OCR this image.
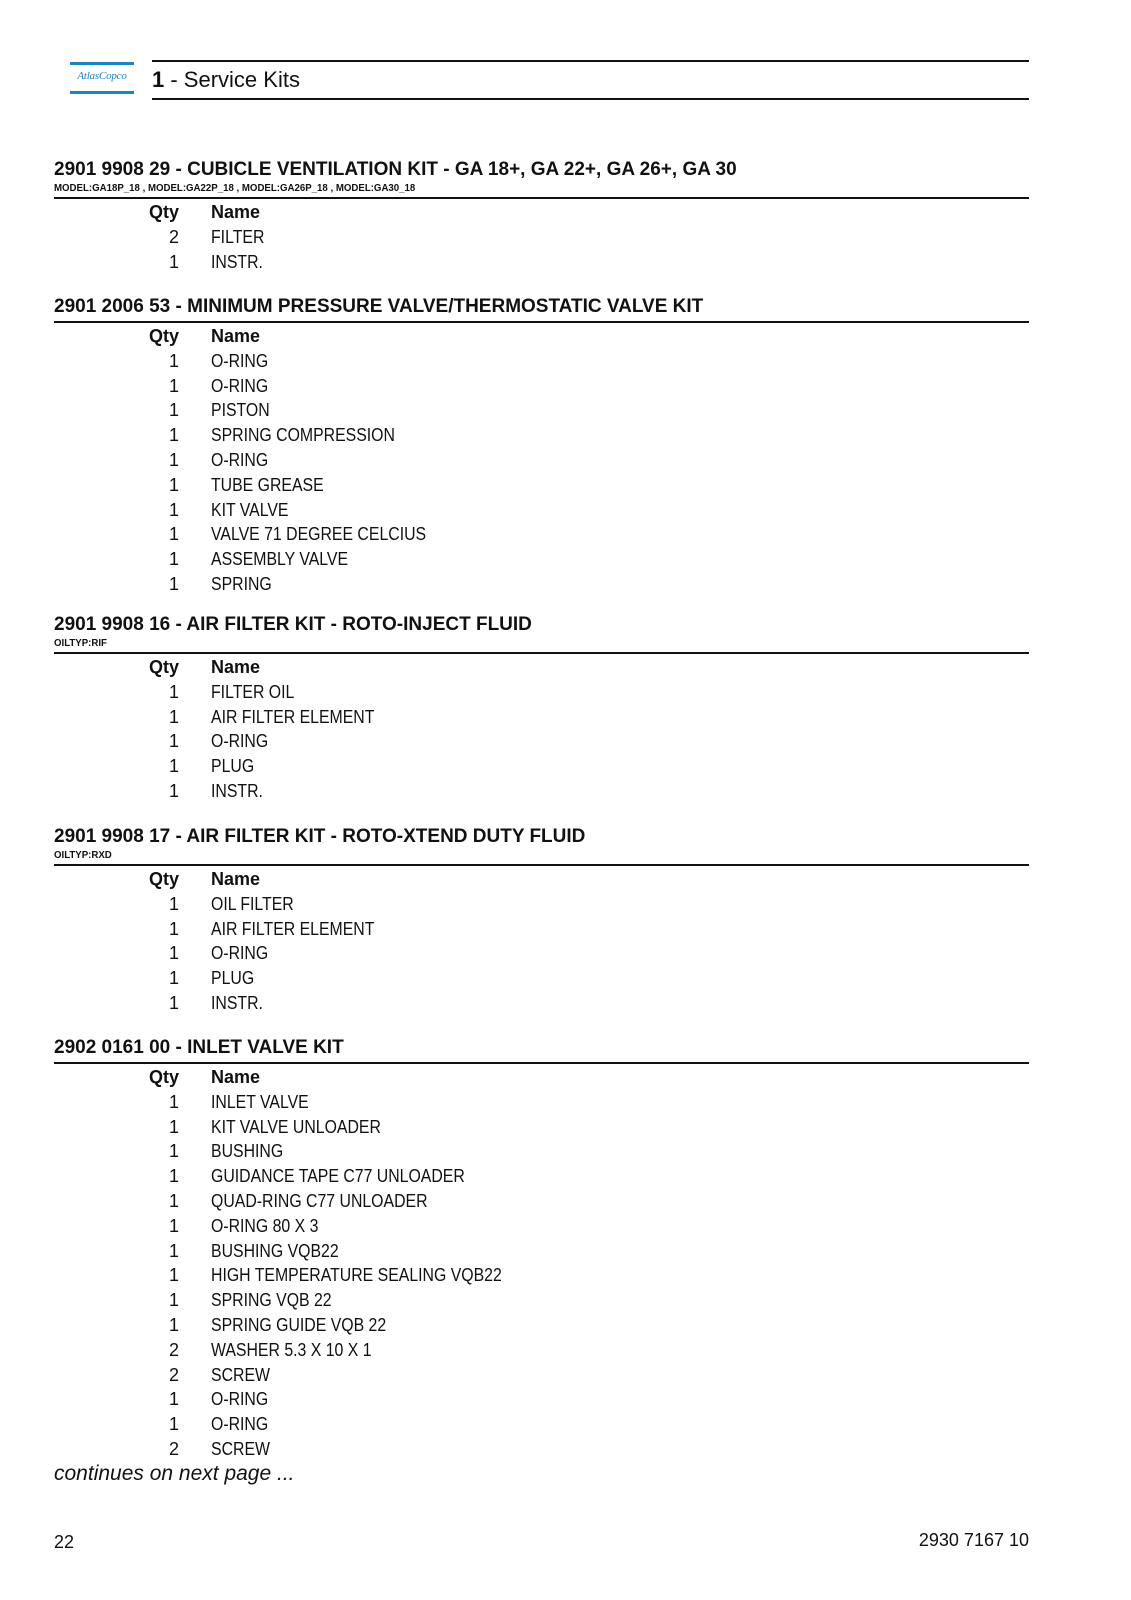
AtlasCopco	1 - Service Kits
2901 9908 29 - CUBICLE VENTILATION KIT - GA 18+, GA 22+, GA 26+, GA 30
MODEL:GA18P_18 , MODEL:GA22P_18 , MODEL:GA26P_18 , MODEL:GA30_18
Qty Name
2 FILTER
1 INSTR.
2901 2006 53 - MINIMUM PRESSURE VALVE/THERMOSTATIC VALVE KIT
Qty Name
1 O-RING
1 O-RING
1 PISTON
1 SPRING COMPRESSION
1 O-RING
1 TUBE GREASE
1 KIT VALVE
1 VALVE 71 DEGREE CELCIUS
1 ASSEMBLY VALVE
1 SPRING
2901 9908 16 - AIR FILTER KIT - ROTO-INJECT FLUID
OILTYP:RIF
Qty Name
1 FILTER OIL
1 AIR FILTER ELEMENT
1 O-RING
1 PLUG
1 INSTR.
2901 9908 17 - AIR FILTER KIT - ROTO-XTEND DUTY FLUID
OILTYP:RXD
Qty Name
1 OIL FILTER
1 AIR FILTER ELEMENT
1 O-RING
1 PLUG
1 INSTR.
2902 0161 00 - INLET VALVE KIT
Qty Name
1 INLET VALVE
1 KIT VALVE UNLOADER
1 BUSHING
1 GUIDANCE TAPE C77 UNLOADER
1 QUAD-RING C77 UNLOADER
1 O-RING 80 X 3
1 BUSHING VQB22
1 HIGH TEMPERATURE SEALING VQB22
1 SPRING VQB 22
1 SPRING GUIDE VQB 22
2 WASHER 5.3 X 10 X 1
2 SCREW
1 O-RING
1 O-RING
2 SCREW
continues on next page ...
22	2930 7167 10
